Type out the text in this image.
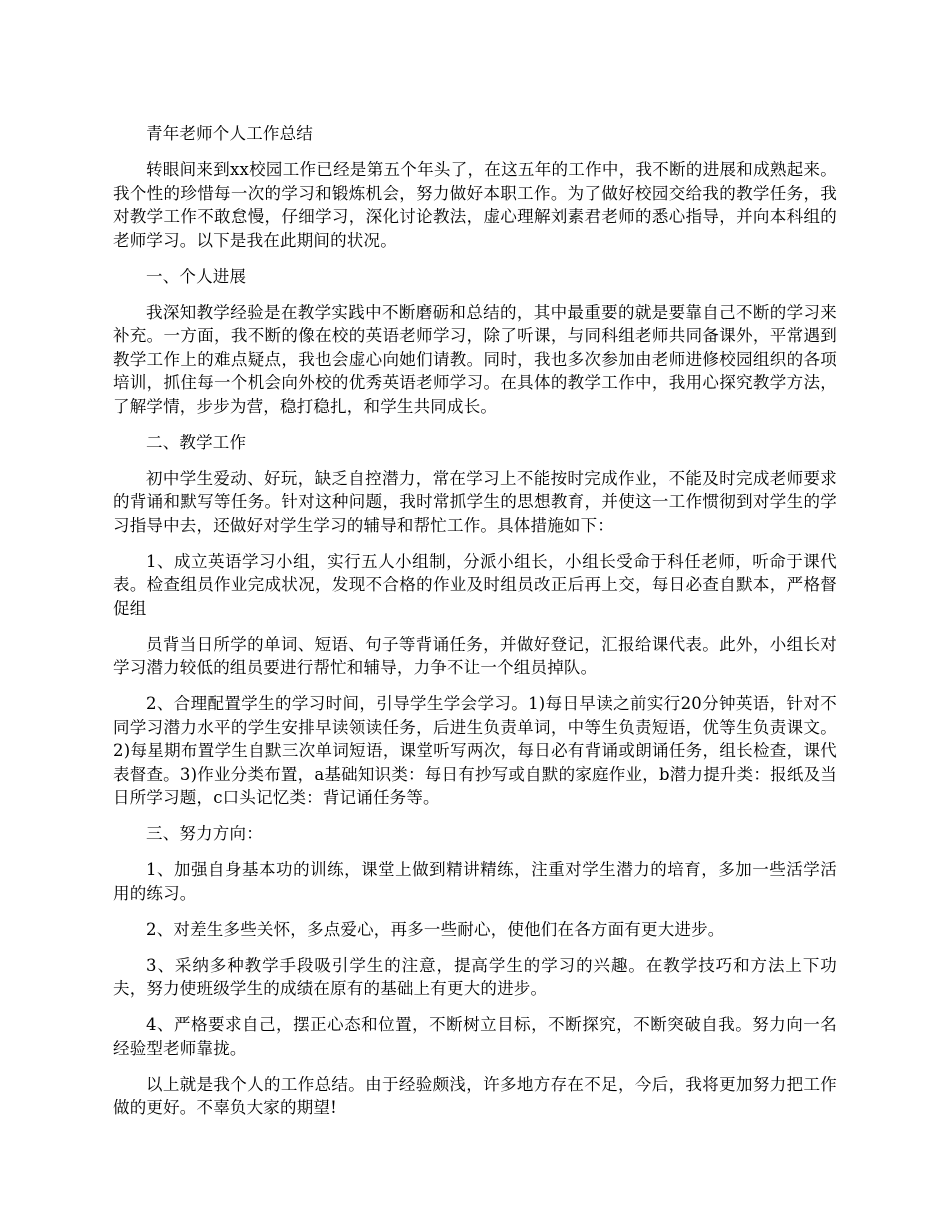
青年老师个人工作总结
转眼间来到xx校园工作已经是第五个年头了，在这五年的工作中，我不断的进展和成熟起来。我个性的珍惜每一次的学习和锻炼机会，努力做好本职工作。为了做好校园交给我的教学任务，我对教学工作不敢怠慢，仔细学习，深化讨论教法，虚心理解刘素君老师的悉心指导，并向本科组的老师学习。以下是我在此期间的状况。
一、个人进展
我深知教学经验是在教学实践中不断磨砺和总结的，其中最重要的就是要靠自己不断的学习来补充。一方面，我不断的像在校的英语老师学习，除了听课，与同科组老师共同备课外，平常遇到教学工作上的难点疑点，我也会虚心向她们请教。同时，我也多次参加由老师进修校园组织的各项培训，抓住每一个机会向外校的优秀英语老师学习。在具体的教学工作中，我用心探究教学方法，了解学情，步步为营，稳打稳扎，和学生共同成长。
二、教学工作
初中学生爱动、好玩，缺乏自控潜力，常在学习上不能按时完成作业，不能及时完成老师要求的背诵和默写等任务。针对这种问题，我时常抓学生的思想教育，并使这一工作惯彻到对学生的学习指导中去，还做好对学生学习的辅导和帮忙工作。具体措施如下：
1、成立英语学习小组，实行五人小组制，分派小组长，小组长受命于科任老师，听命于课代表。检查组员作业完成状况，发现不合格的作业及时组员改正后再上交，每日必查自默本，严格督促组
员背当日所学的单词、短语、句子等背诵任务，并做好登记，汇报给课代表。此外，小组长对学习潜力较低的组员要进行帮忙和辅导，力争不让一个组员掉队。
2、合理配置学生的学习时间，引导学生学会学习。1)每日早读之前实行20分钟英语，针对不同学习潜力水平的学生安排早读领读任务，后进生负责单词，中等生负责短语，优等生负责课文。2)每星期布置学生自默三次单词短语，课堂听写两次，每日必有背诵或朗诵任务，组长检查，课代表督查。3)作业分类布置，a基础知识类：每日有抄写或自默的家庭作业，b潜力提升类：报纸及当日所学习题，c口头记忆类：背记诵任务等。
三、努力方向：
1、加强自身基本功的训练，课堂上做到精讲精练，注重对学生潜力的培育，多加一些活学活用的练习。
2、对差生多些关怀，多点爱心，再多一些耐心，使他们在各方面有更大进步。
3、采纳多种教学手段吸引学生的注意，提高学生的学习的兴趣。在教学技巧和方法上下功夫，努力使班级学生的成绩在原有的基础上有更大的进步。
4、严格要求自己，摆正心态和位置，不断树立目标，不断探究，不断突破自我。努力向一名经验型老师靠拢。
以上就是我个人的工作总结。由于经验颇浅，许多地方存在不足，今后，我将更加努力把工作做的更好。不辜负大家的期望!
